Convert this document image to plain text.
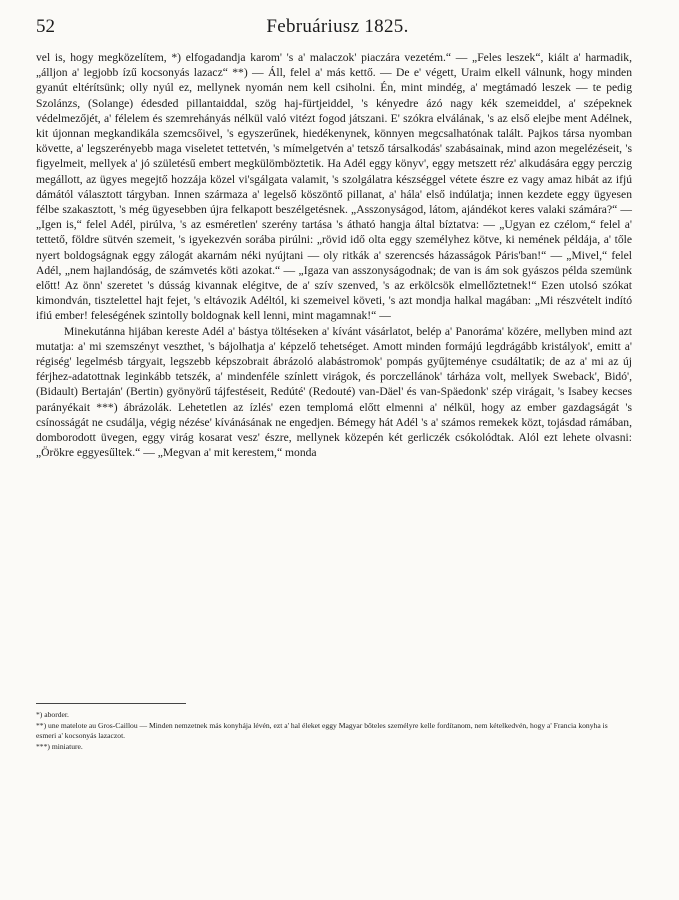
52	Februáriusz 1825.

vel is, hogy megközelítem, *) elfogadandja karom' 's a' malaczok' piaczára vezetém.“ — „Feles leszek“, kiált a' harmadik, „álljon a' legjobb ízű kocsonyás lazacz“ **) — Áll, felel a' más kettő. — De e' végett, Uraim elkell válnunk, hogy minden gyanút eltérítsünk; olly nyúl ez, mellynek nyomán nem kell csiholni. Én, mint mindég, a' megtámadó leszek — te pedig Szolánzs, (Solange) édesded pillantaiddal, szög haj-fürtjeiddel, 's kényedre ázó nagy kék szemeiddel, a' szépeknek védelmezőjét, a' félelem és szemrehányás nélkül való vitézt fogod játszani. E' szókra elválának, 's az első elejbe ment Adélnek, kit újonnan megkandikála szemcsőivel, 's egyszerűnek, hiedékenynek, könnyen megcsalhatónak talált. Pajkos társa nyomban követte, a' legszerényebb maga viseletet tettetvén, 's mímelgetvén a' tetsző társalkodás' szabásainak, mind azon megelézéseit, 's figyelmeit, mellyek a' jó születésű embert megkülömböztetik. Ha Adél eggy könyv', eggy metszett réz' alkudására eggy perczig megállott, az ügyes megejtő hozzája közel vi'sgálgata valamit, 's szolgálatra készséggel vétete észre ez vagy amaz hibát az ifjú dámától választott tárgyban. Innen származa a' legelső köszöntő pillanat, a' hála' első indúlatja; innen kezdete eggy ügyesen félbe szakasztott, 's még ügyesebben újra felkapott beszélgetésnek. „Asszonyságod, látom, ajándékot keres valaki számára?“ — „Igen is,“ felel Adél, pirúlva, 's az esméretlen' szerény tartása 's átható hangja által bíztatva: — „Ugyan ez czélom,“ felel a' tettető, földre sütvén szemeit, 's igyekezvén sorába pirúlni: „rövid idő olta eggy személyhez kötve, ki nemének példája, a' tőle nyert boldogságnak eggy zálogát akarnám néki nyújtani — oly ritkák a' szerencsés házasságok Páris'ban!“ — „Mivel,“ felel Adél, „nem hajlandóság, de számvetés köti azokat.“ — „Igaza van asszonyságodnak; de van is ám sok gyászos példa szemünk előtt! Az önn' szeretet 's dússág kivannak elégitve, de a' szív szenved, 's az erkölcsök elmellőztetnek!“ Ezen utolsó szókat kimondván, tisztelettel hajt fejet, 's eltávozik Adéltól, ki szemeivel követi, 's azt mondja halkal magában: „Mi részvételt indító ifiú ember! feleségének szintolly boldognak kell lenni, mint magamnak!“ —

Minekutánna hijában kereste Adél a' bástya töltéseken a' kívánt vásárlatot, belép a' Panoráma' közére, mellyben mind azt mutatja: a' mi szemszényt veszthet, 's bájolhatja a' képzelő tehetséget. Amott minden formájú legdrágább kristályok', emitt a' régiség' legelmésb tárgyait, legszebb képszobrait ábrázoló alabástromok' pompás gyűjteménye csudáltatik; de az a' mi az új férjhez-adatottnak leginkább tetszék, a' mindenféle színlett virágok, és porczellánok' tárháza volt, mellyek Sweback', Bidó', (Bidault) Bertaján' (Bertin) gyönyörű tájfestéseit, Redúté' (Redouté) van-Däel' és van-Späedonk' szép virágait, 's Isabey kecses parányékait ***) ábrázolák. Lehetetlen az ízlés' ezen templomá előtt elmenni a' nélkül, hogy az ember gazdagságát 's csínosságát ne csudálja, végig nézése' kívánásának ne engedjen. Bémegy hát Adél 's a' számos remekek közt, tojásdad rámában, domborodott üvegen, eggy virág kosarat vesz' észre, mellynek közepén két gerliczék csókolódtak. Alól ezt lehete olvasni: „Örökre eggyesűltek.“ — „Megvan a' mit kerestem,“ monda

*) aborder.

**) une matelote au Gros-Caillou — Minden nemzetnek más konyhája lévén, ezt a' hal éleket eggy Magyar bőteles személyre kelle fordítanom, nem kételkedvén, hogy a' Francia konyha is esmeri a' kocsonyás lazaczot.

***) miniature.
